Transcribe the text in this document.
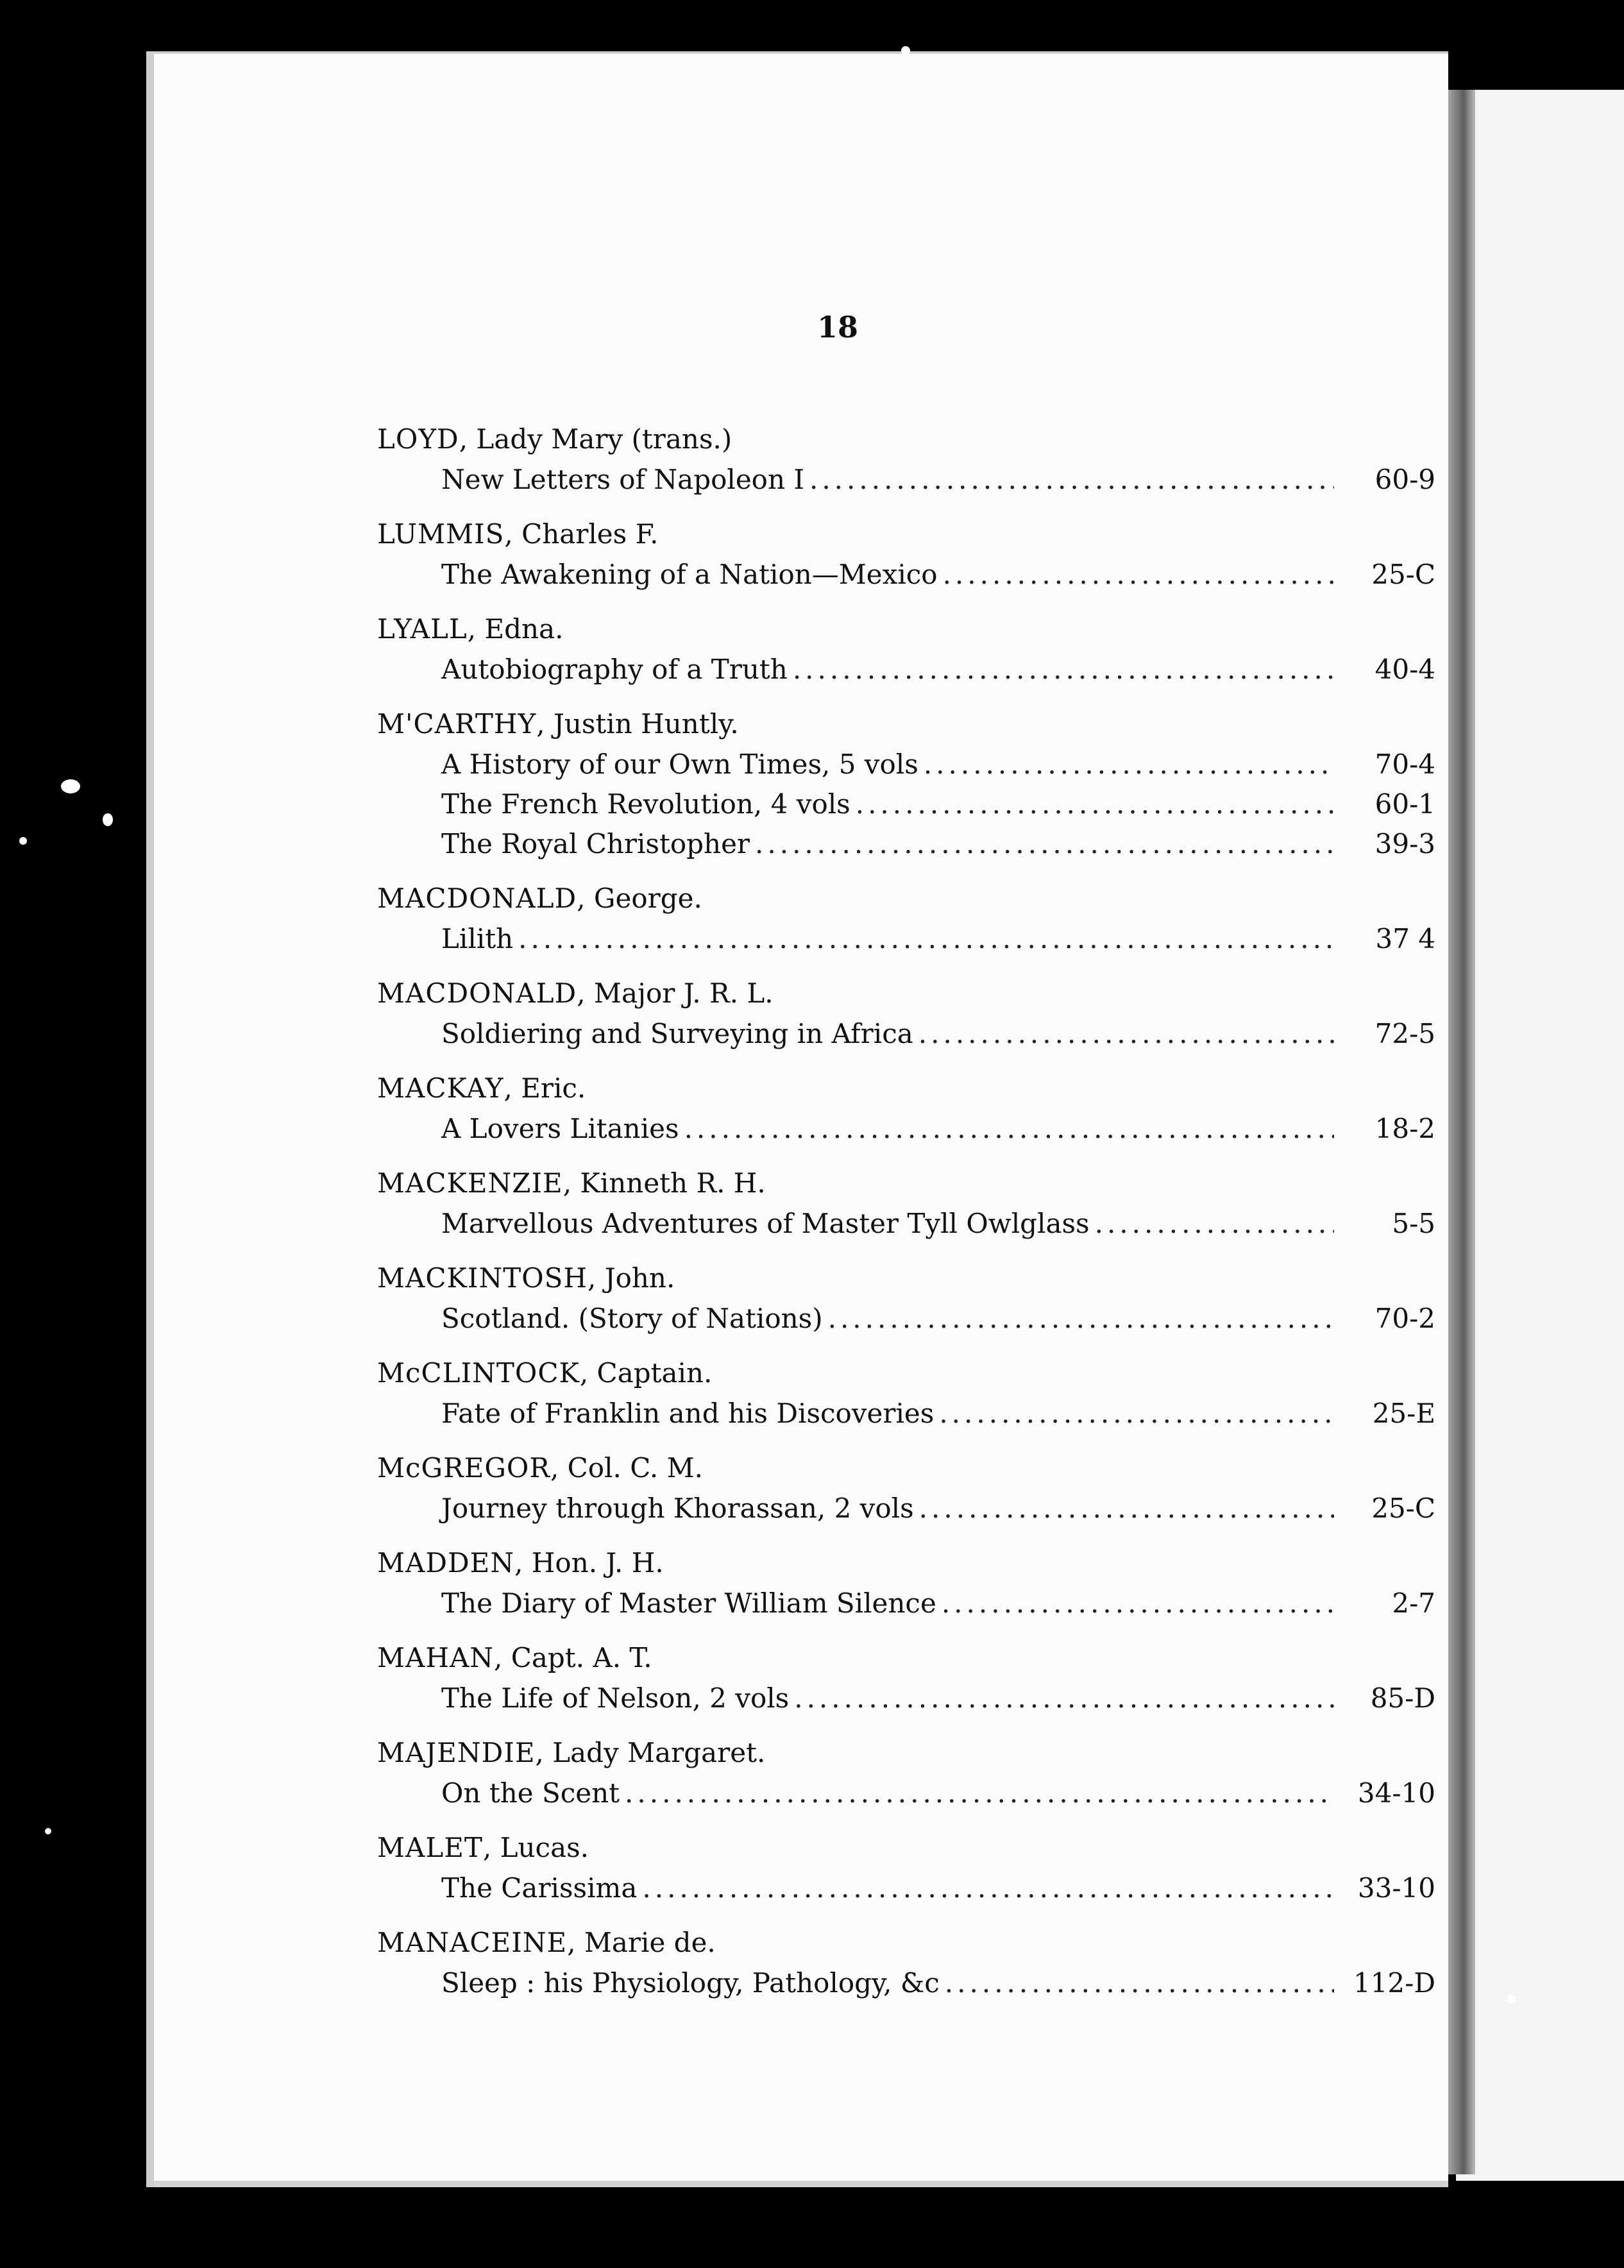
18
LOYD, Lady Mary (trans.)
New Letters of Napoleon I .....	60-9
LUMMIS, Charles F.
The Awakening of a Nation—Mexico .....	25-C
LYALL, Edna.
Autobiography of a Truth .....	40-4
M'CARTHY, Justin Huntly.
A History of our Own Times, 5 vols .....	70-4
The French Revolution, 4 vols .....	60-1
The Royal Christopher .....	39-3
MACDONALD, George.
Lilith .....	37 4
MACDONALD, Major J. R. L.
Soldiering and Surveying in Africa .....	72-5
MACKAY, Eric.
A Lovers Litanies .....	18-2
MACKENZIE, Kinneth R. H.
Marvellous Adventures of Master Tyll Owlglass .....	5-5
MACKINTOSH, John.
Scotland. (Story of Nations) .....	70-2
McCLINTOCK, Captain.
Fate of Franklin and his Discoveries .....	25-E
McGREGOR, Col. C. M.
Journey through Khorassan, 2 vols .....	25-C
MADDEN, Hon. J. H.
The Diary of Master William Silence .....	2-7
MAHAN, Capt. A. T.
The Life of Nelson, 2 vols .....	85-D
MAJENDIE, Lady Margaret.
On the Scent .....	34-10
MALET, Lucas.
The Carissima .....	33-10
MANACEINE, Marie de.
Sleep : his Physiology, Pathology, &c .....	112-D
